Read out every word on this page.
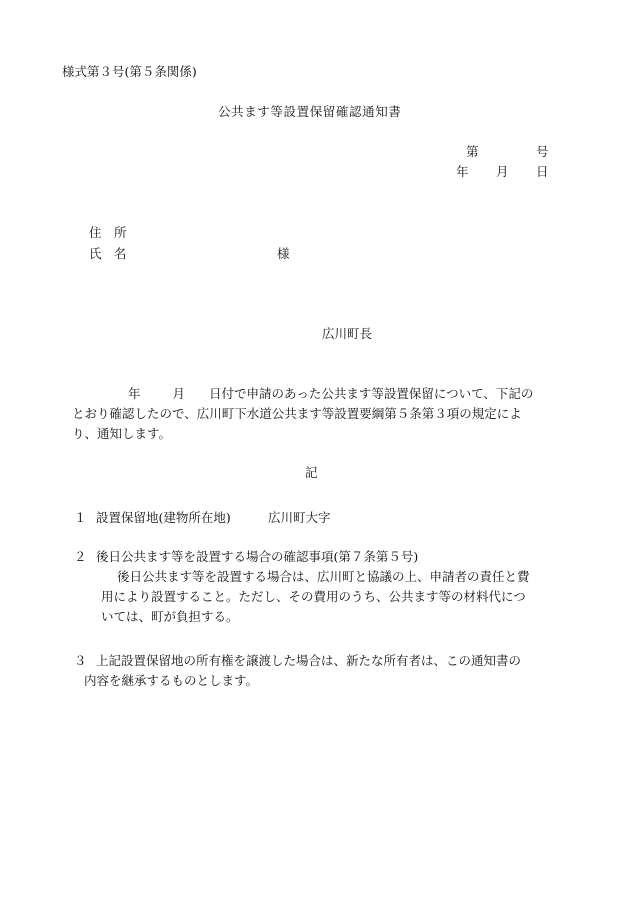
様式第３号(第５条関係)
公共ます等設置保留確認通知書
第	号
年 月 日
住　所
氏　名	様
広川町長
年	月 日付で申請のあった公共ます等設置保留について、下記の
とおり確認したので、広川町下水道公共ます等設置要綱第５条第３項の規定によ
り、通知します。
記
１ 設置保留地(建物所在地)	広川町大字
２ 後日公共ます等を設置する場合の確認事項(第７条第５号)
後日公共ます等を設置する場合は、広川町と協議の上、申請者の責任と費
用により設置すること。ただし、その費用のうち、公共ます等の材料代につ
いては、町が負担する。
３ 上記設置保留地の所有権を譲渡した場合は、新たな所有者は、この通知書の
内容を継承するものとします。
